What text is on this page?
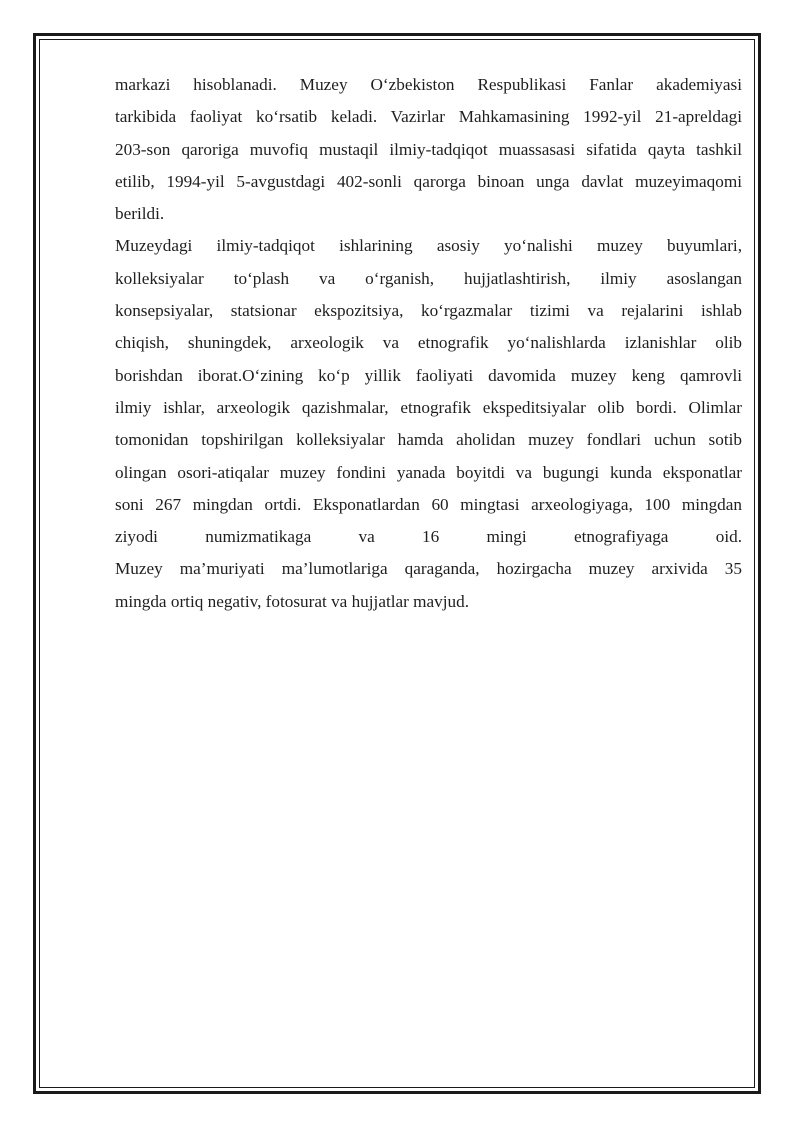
markazi hisoblanadi. Muzey O‘zbekiston Respublikasi Fanlar akademiyasi
tarkibida faoliyat ko‘rsatib keladi. Vazirlar Mahkamasining 1992-yil 21-apreldagi
203-son qaroriga muvofiq mustaqil ilmiy-tadqiqot muassasasi sifatida qayta tashkil
etilib, 1994-yil 5-avgustdagi 402-sonli qarorga binoan unga davlat muzeyimaqomi
berildi.

Muzeydagi ilmiy-tadqiqot ishlarining asosiy yo‘nalishi muzey buyumlari,
kolleksiyalar to‘plash va o‘rganish, hujjatlashtirish, ilmiy asoslangan
konsepsiyalar, statsionar ekspozitsiya, ko‘rgazmalar tizimi va rejalarini ishlab
chiqish, shuningdek, arxeologik va etnografik yo‘nalishlarda izlanishlar olib
borishdan iborat.O‘zining ko‘p yillik faoliyati davomida muzey keng qamrovli
ilmiy ishlar, arxeologik qazishmalar, etnografik ekspeditsiyalar olib bordi. Olimlar
tomonidan topshirilgan kolleksiyalar hamda aholidan muzey fondlari uchun sotib
olingan osori-atiqalar muzey fondini yanada boyitdi va bugungi kunda eksponatlar
soni 267 mingdan ortdi. Eksponatlardan 60 mingtasi arxeologiyaga, 100 mingdan
ziyodi numizmatikaga va 16 mingi etnografiyaga oid.

Muzey ma’muriyati ma’lumotlariga qaraganda, hozirgacha muzey arxivida 35
mingda ortiq negativ, fotosurat va hujjatlar mavjud.
